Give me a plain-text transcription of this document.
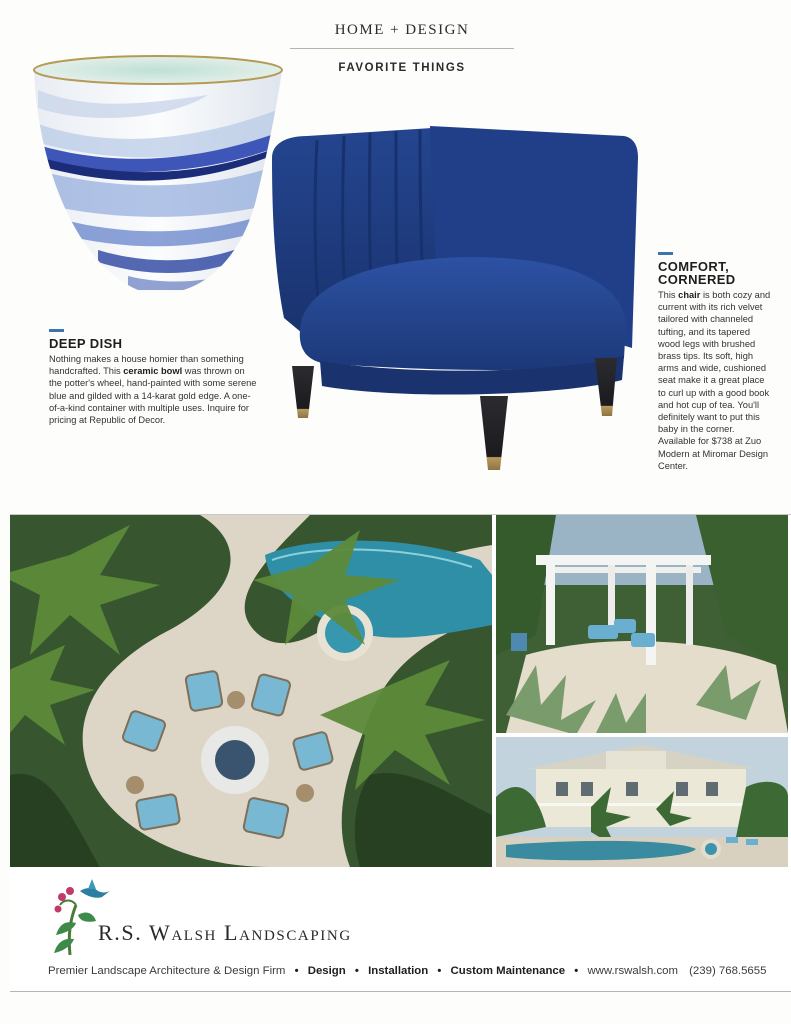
HOME + DESIGN
FAVORITE THINGS
DEEP DISH

Nothing makes a house homier than something handcrafted. This ceramic bowl was thrown on the potter's wheel, hand-painted with some serene blue and gilded with a 14-karat gold edge. A one-of-a-kind container with multiple uses. Inquire for pricing at Republic of Decor.

COMFORT,
CORNERED

This chair is both cozy and current with its rich velvet tailored with channeled tufting, and its tapered wood legs with brushed brass tips. Its soft, high arms and wide, cushioned seat make it a great place to curl up with a good book and hot cup of tea. You'll definitely want to put this baby in the corner. Available for $738 at Zuo Modern at Miromar Design Center.

R.S. Walsh Landscaping
Premier Landscape Architecture & Design Firm • Design • Installation • Custom Maintenance • www.rswalsh.com (239) 768.5655
